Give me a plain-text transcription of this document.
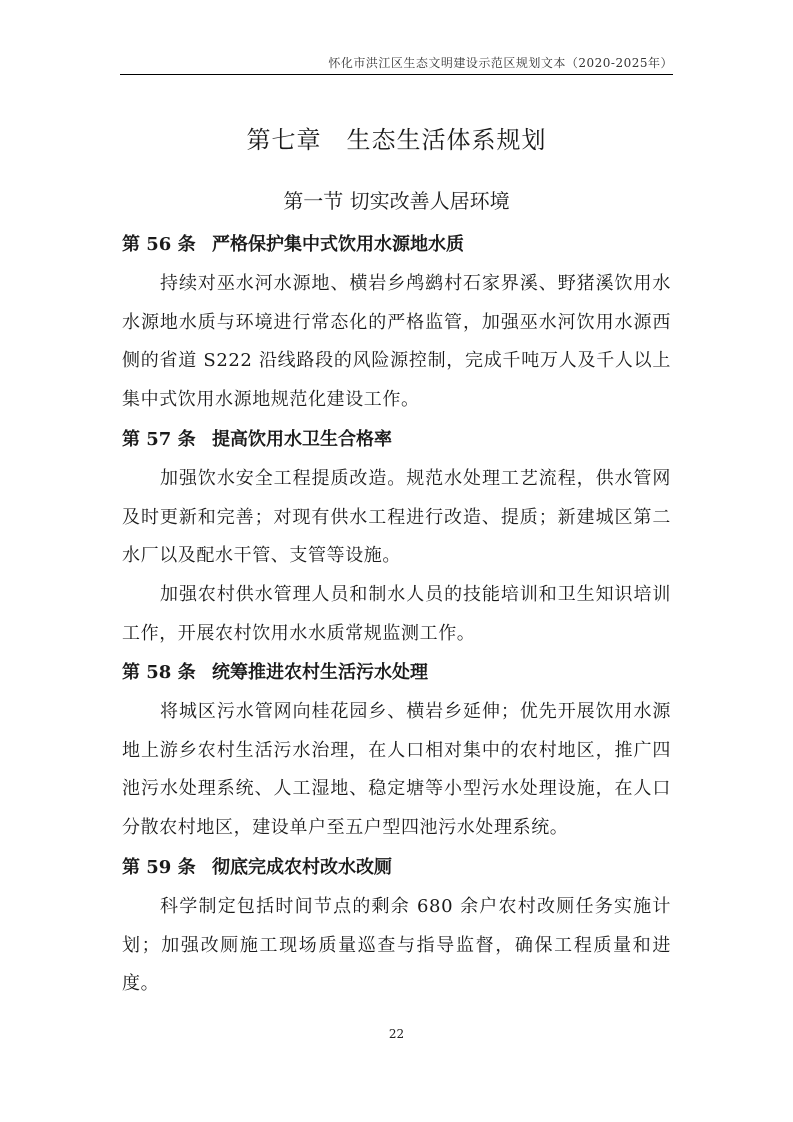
怀化市洪江区生态文明建设示范区规划文本（2020-2025年）
第七章　生态生活体系规划
第一节 切实改善人居环境
第 56 条 严格保护集中式饮用水源地水质

持续对巫水河水源地、横岩乡鸬鹚村石家界溪、野猪溪饮用水水源地水质与环境进行常态化的严格监管，加强巫水河饮用水源西侧的省道 S222 沿线路段的风险源控制，完成千吨万人及千人以上集中式饮用水源地规范化建设工作。

第 57 条 提高饮用水卫生合格率

加强饮水安全工程提质改造。规范水处理工艺流程，供水管网及时更新和完善；对现有供水工程进行改造、提质；新建城区第二水厂以及配水干管、支管等设施。

加强农村供水管理人员和制水人员的技能培训和卫生知识培训工作，开展农村饮用水水质常规监测工作。

第 58 条 统筹推进农村生活污水处理

将城区污水管网向桂花园乡、横岩乡延伸；优先开展饮用水源地上游乡农村生活污水治理，在人口相对集中的农村地区，推广四池污水处理系统、人工湿地、稳定塘等小型污水处理设施，在人口分散农村地区，建设单户至五户型四池污水处理系统。

第 59 条 彻底完成农村改水改厕

科学制定包括时间节点的剩余 680 余户农村改厕任务实施计划；加强改厕施工现场质量巡查与指导监督，确保工程质量和进度。

22
